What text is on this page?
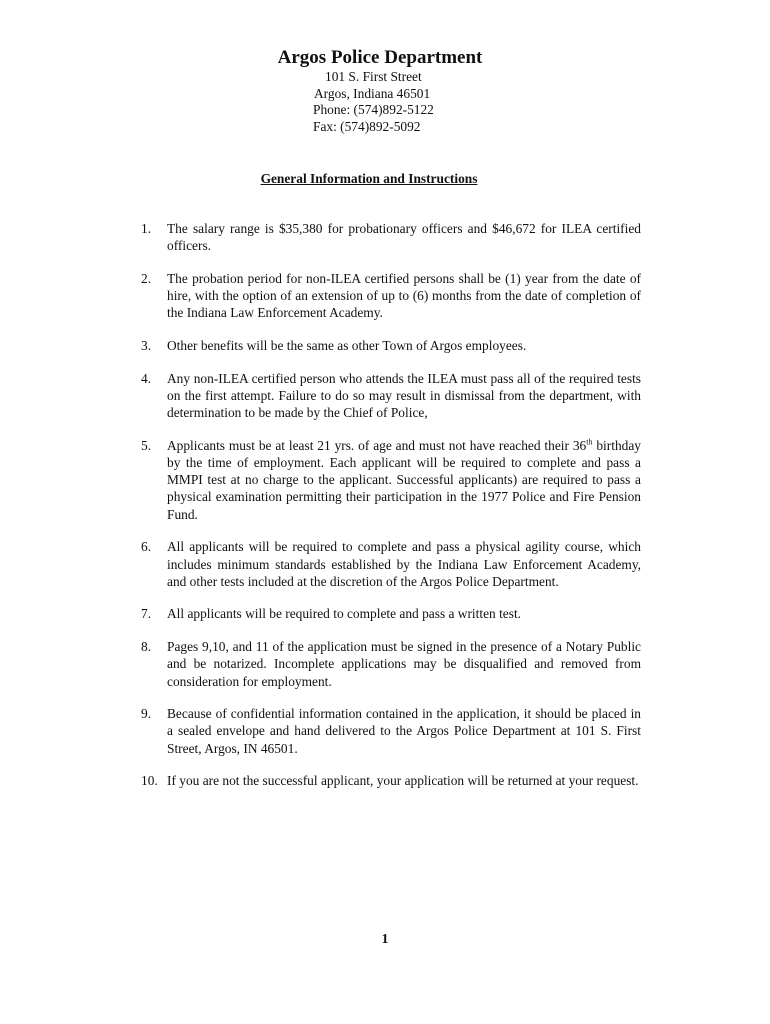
Argos Police Department
101 S. First Street
Argos, Indiana 46501
Phone: (574)892-5122
Fax: (574)892-5092
General Information and Instructions
1. The salary range is $35,380 for probationary officers and $46,672 for ILEA certified officers.
2. The probation period for non-ILEA certified persons shall be (1) year from the date of hire, with the option of an extension of up to (6) months from the date of completion of the Indiana Law Enforcement Academy.
3. Other benefits will be the same as other Town of Argos employees.
4. Any non-ILEA certified person who attends the ILEA must pass all of the required tests on the first attempt. Failure to do so may result in dismissal from the department, with determination to be made by the Chief of Police,
5. Applicants must be at least 21 yrs. of age and must not have reached their 36th birthday by the time of employment. Each applicant will be required to complete and pass a MMPI test at no charge to the applicant. Successful applicants) are required to pass a physical examination permitting their participation in the 1977 Police and Fire Pension Fund.
6. All applicants will be required to complete and pass a physical agility course, which includes minimum standards established by the Indiana Law Enforcement Academy, and other tests included at the discretion of the Argos Police Department.
7. All applicants will be required to complete and pass a written test.
8. Pages 9,10, and 11 of the application must be signed in the presence of a Notary Public and be notarized. Incomplete applications may be disqualified and removed from consideration for employment.
9. Because of confidential information contained in the application, it should be placed in a sealed envelope and hand delivered to the Argos Police Department at 101 S. First Street, Argos, IN 46501.
10. If you are not the successful applicant, your application will be returned at your request.
1
